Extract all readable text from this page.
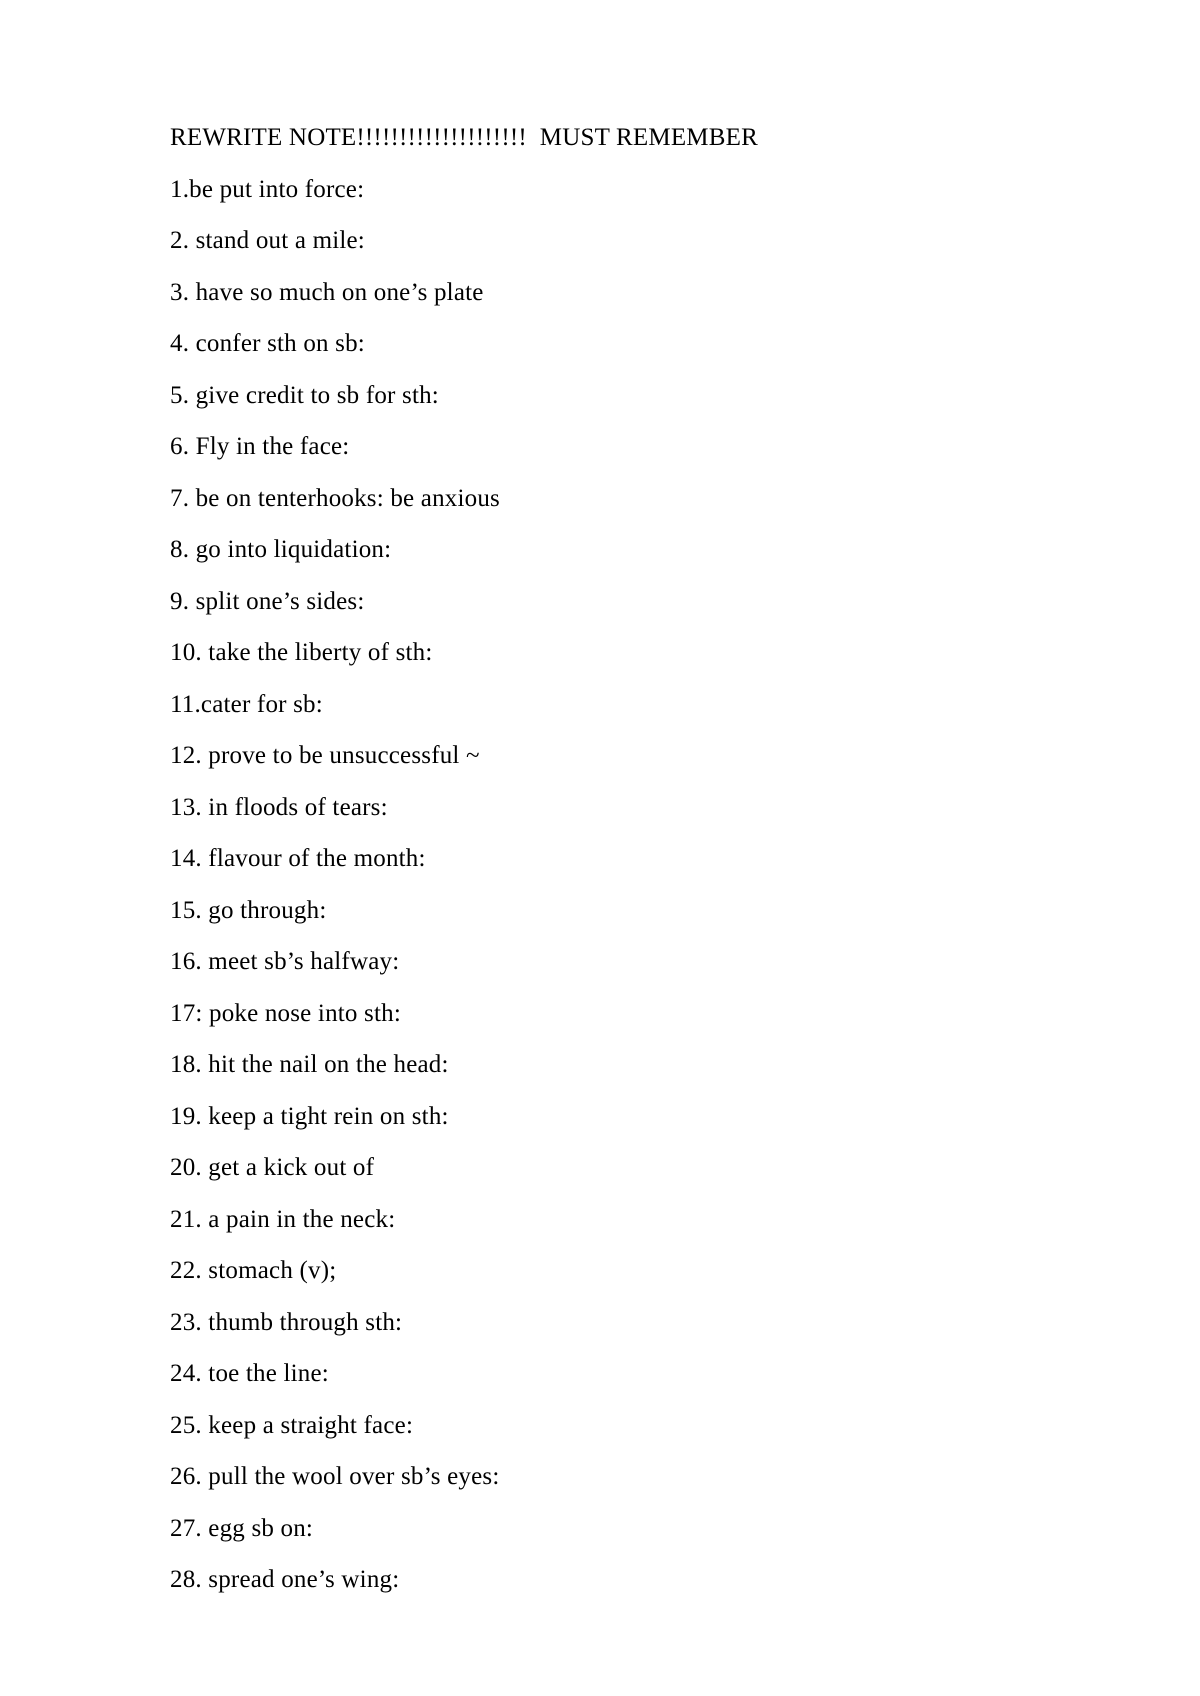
REWRITE NOTE!!!!!!!!!!!!!!!!!!!!  MUST REMEMBER
1.be put into force:
2. stand out a mile:
3. have so much on one’s plate
4. confer sth on sb:
5. give credit to sb for sth:
6. Fly in the face:
7. be on tenterhooks: be anxious
8. go into liquidation:
9. split one’s sides:
10. take the liberty of sth:
11.cater for sb:
12. prove to be unsuccessful ~
13. in floods of tears:
14. flavour of the month:
15. go through:
16. meet sb’s halfway:
17: poke nose into sth:
18. hit the nail on the head:
19. keep a tight rein on sth:
20. get a kick out of
21. a pain in the neck:
22. stomach (v);
23. thumb through sth:
24. toe the line:
25. keep a straight face:
26. pull the wool over sb’s eyes:
27. egg sb on:
28. spread one’s wing:
